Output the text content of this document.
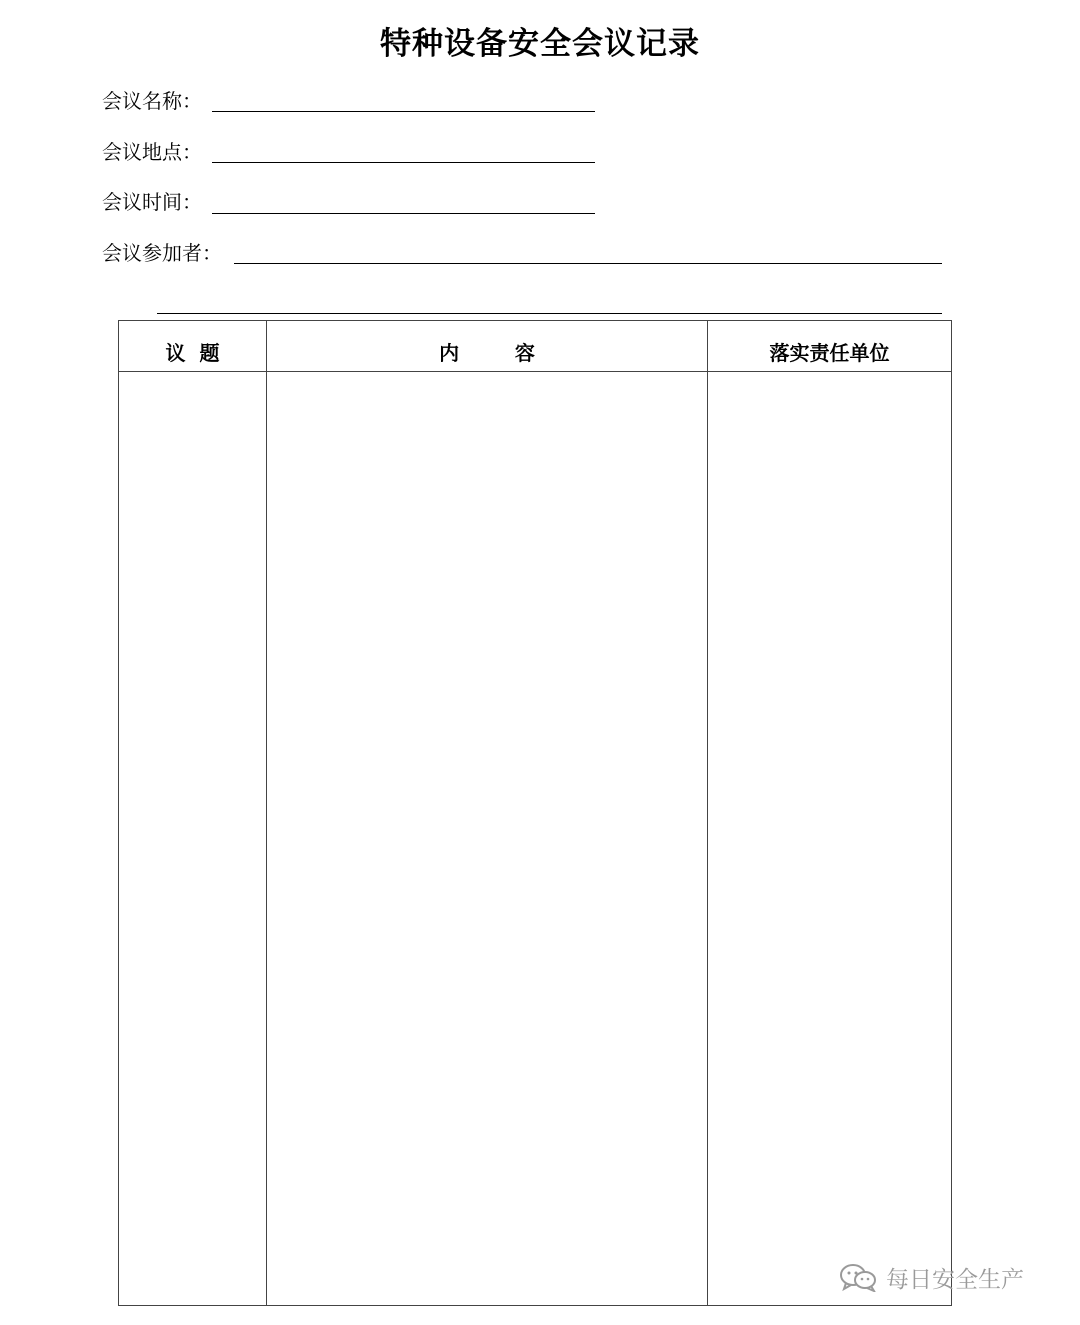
特种设备安全会议记录
会议名称：
会议地点：
会议时间：
会议参加者：
议  题	内        容	落实责任单位
每日安全生产
